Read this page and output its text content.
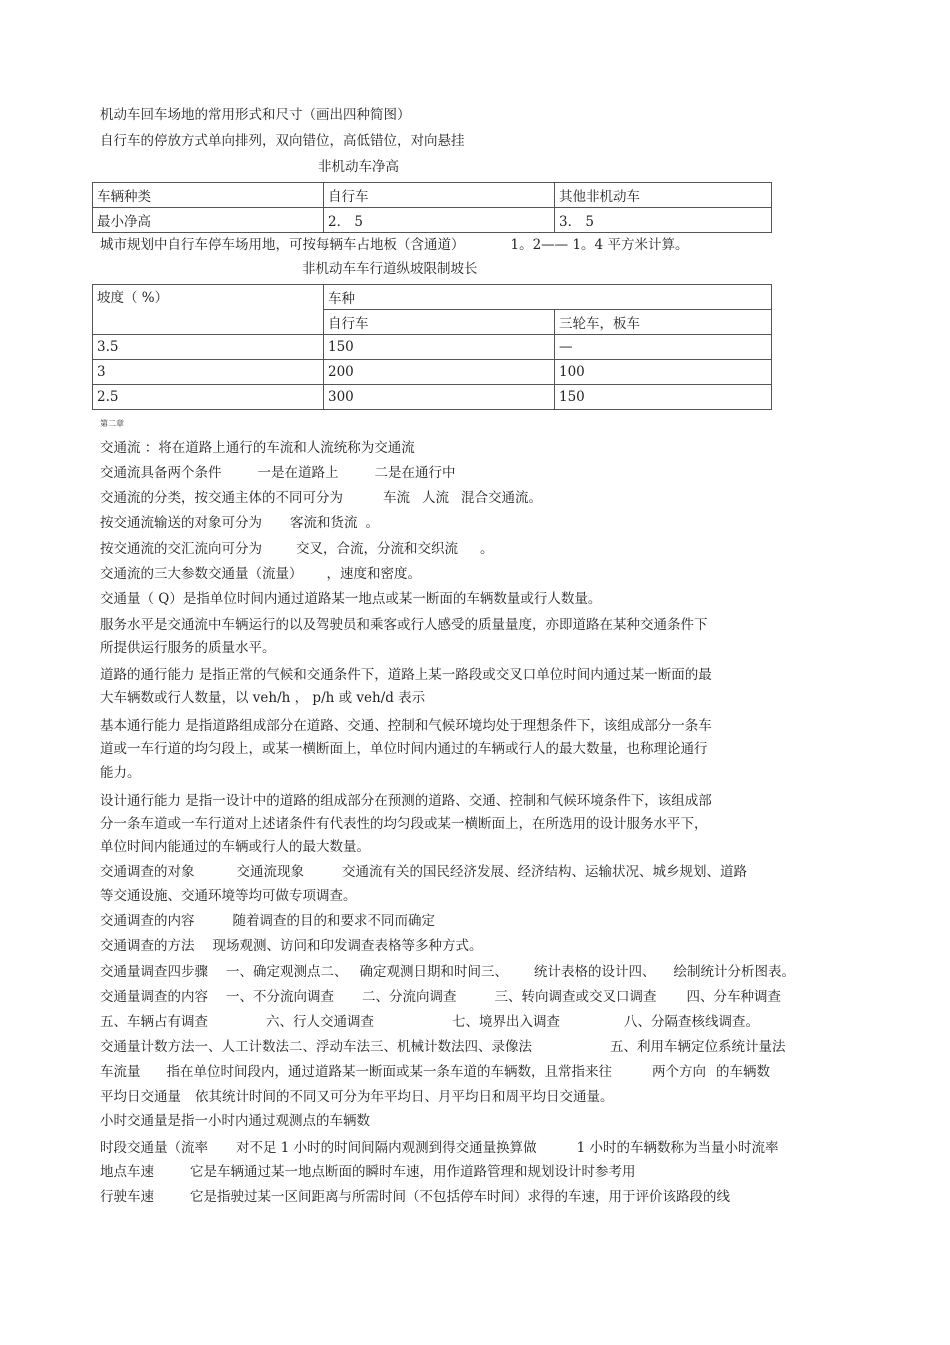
机动车回车场地的常用形式和尺寸（画出四种简图）
自行车的停放方式单向排列，双向错位，高低错位，对向悬挂
非机动车净高
车辆种类	自行车	其他非机动车
最小净高	2． 5	3． 5
城市规划中自行车停车场用地，可按每辆车占地板（含通道）	1。2—— 1。4 平方米计算。
非机动车车行道纵坡限制坡长
坡度（ %）	车种	
	自行车	三轮车，板车
3.5	150	—
3	200	100
2.5	300	150
第二章
交通流 ：将在道路上通行的车流和人流统称为交通流
交通流具备两个条件	一是在道路上	二是在通行中
交通流的分类，按交通主体的不同可分为	车流 人流 混合交通流。
按交通流输送的对象可分为 客流和货流 。
按交通流的交汇流向可分为	交叉，合流，分流和交织流 。
交通流的三大参数交通量（流量） ，速度和密度。
交通量（ Q）是指单位时间内通过道路某一地点或某一断面的车辆数量或行人数量。
服务水平是交通流中车辆运行的以及驾驶员和乘客或行人感受的质量量度，亦即道路在某种交通条件下
所提供运行服务的质量水平。
道路的通行能力 是指正常的气候和交通条件下，道路上某一路段或交叉口单位时间内通过某一断面的最
大车辆数或行人数量，以 veh/h ， p/h 或 veh/d 表示
基本通行能力 是指道路组成部分在道路、交通、控制和气候环境均处于理想条件下，该组成部分一条车
道或一车行道的均匀段上，或某一横断面上，单位时间内通过的车辆或行人的最大数量，也称理论通行
能力。
设计通行能力 是指一设计中的道路的组成部分在预测的道路、交通、控制和气候环境条件下，该组成部
分一条车道或一车行道对上述诸条件有代表性的均匀段或某一横断面上，在所选用的设计服务水平下，
单位时间内能通过的车辆或行人的最大数量。
交通调查的对象	交通流现象	交通流有关的国民经济发展、经济结构、运输状况、城乡规划、道路
等交通设施、交通环境等均可做专项调查。
交通调查的内容	随着调查的目的和要求不同而确定
交通调查的方法 现场观测、访问和印发调查表格等多种方式。
交通量调查四步骤 一、确定观测点二、 确定观测日期和时间三、 统计表格的设计四、 绘制统计分析图表。
交通量调查的内容 一、不分流向调查 二、分流向调查	三、转向调查或交叉口调查 四、分车种调查
五、车辆占有调查	六、行人交通调查	七、境界出入调查	八、分隔查核线调查。
交通量计数方法一、人工计数法二、浮动车法三、机械计数法四、录像法	五、利用车辆定位系统计量法
车流量 指在单位时间段内，通过道路某一断面或某一条车道的车辆数，且常指来往	两个方向 的车辆数
平均日交通量 依其统计时间的不同又可分为年平均日、月平均日和周平均日交通量。
小时交通量是指一小时内通过观测点的车辆数
时段交通量（流率 对不足 1 小时的时间间隔内观测到得交通量换算做	1 小时的车辆数称为当量小时流率
地点车速	它是车辆通过某一地点断面的瞬时车速，用作道路管理和规划设计时参考用
行驶车速	它是指驶过某一区间距离与所需时间（不包括停车时间）求得的车速，用于评价该路段的线
